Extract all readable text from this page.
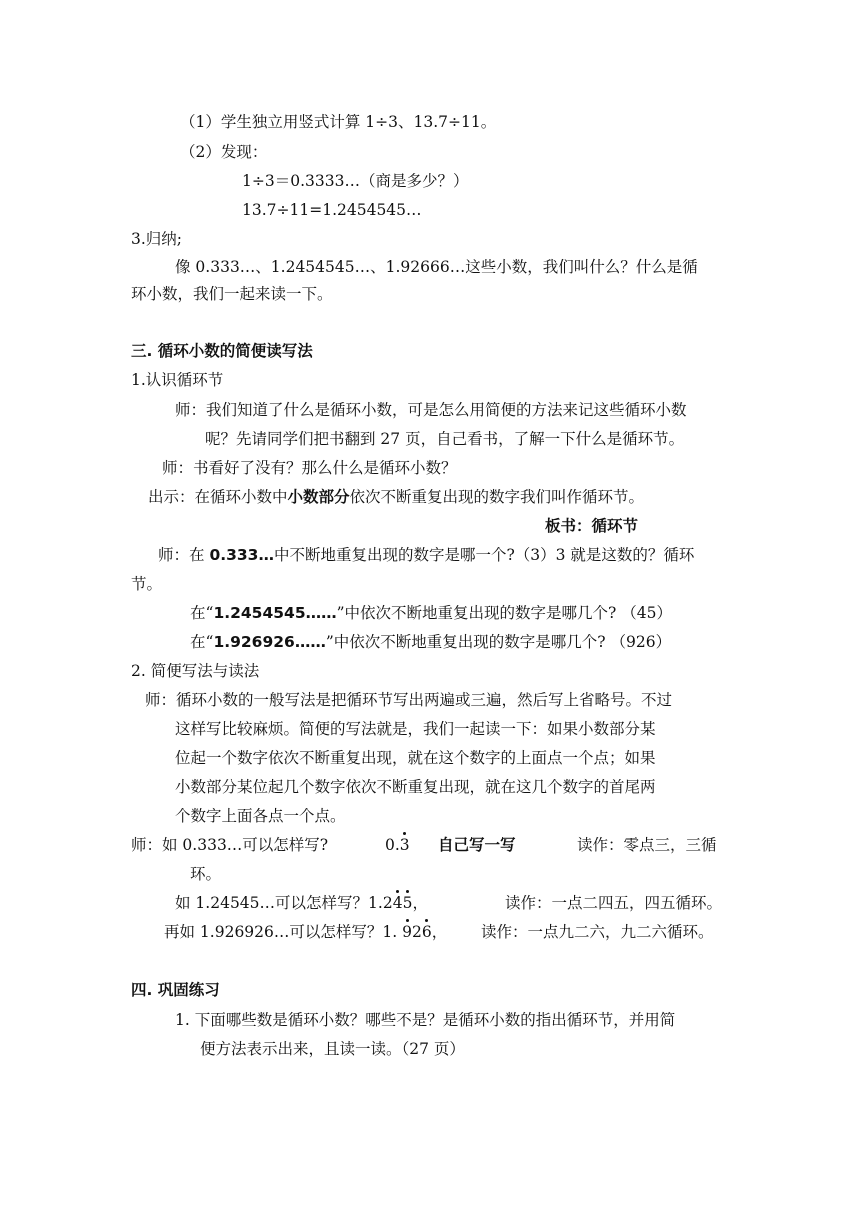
（1）学生独立用竖式计算 1÷3、13.7÷11。
（2）发现：
1÷3＝0.3333…（商是多少？）
13.7÷11=1.2454545…
3.归纳;
像 0.333…、1.2454545…、1.92666…这些小数，我们叫什么？什么是循
环小数，我们一起来读一下。
三. 循环小数的简便读写法
1.认识循环节
师：我们知道了什么是循环小数，可是怎么用简便的方法来记这些循环小数
呢？先请同学们把书翻到 27 页，自己看书，了解一下什么是循环节。
师：书看好了没有？那么什么是循环小数？
出示：在循环小数中小数部分依次不断重复出现的数字我们叫作循环节。
板书：循环节
师：在 0.333…中不断地重复出现的数字是哪一个?（3）3 就是这数的？循环
节。
在“1.2454545……”中依次不断地重复出现的数字是哪几个? （45）
在“1.926926……”中依次不断地重复出现的数字是哪几个? （926）
2. 简便写法与读法
师：循环小数的一般写法是把循环节写出两遍或三遍，然后写上省略号。不过
这样写比较麻烦。简便的写法就是，我们一起读一下：如果小数部分某
位起一个数字依次不断重复出现，就在这个数字的上面点一个点；如果
小数部分某位起几个数字依次不断重复出现，就在这几个数字的首尾两
个数字上面各点一个点。
师：如 0.333…可以怎样写?	0.3 自己写一写	读作：零点三，三循
环。
如 1.24545…可以怎样写？1.245，	读作：一点二四五，四五循环。
再如 1.926926…可以怎样写？1. 926， 读作：一点九二六，九二六循环。
四. 巩固练习
1. 下面哪些数是循环小数？哪些不是？是循环小数的指出循环节，并用简
便方法表示出来，且读一读。（27 页）
